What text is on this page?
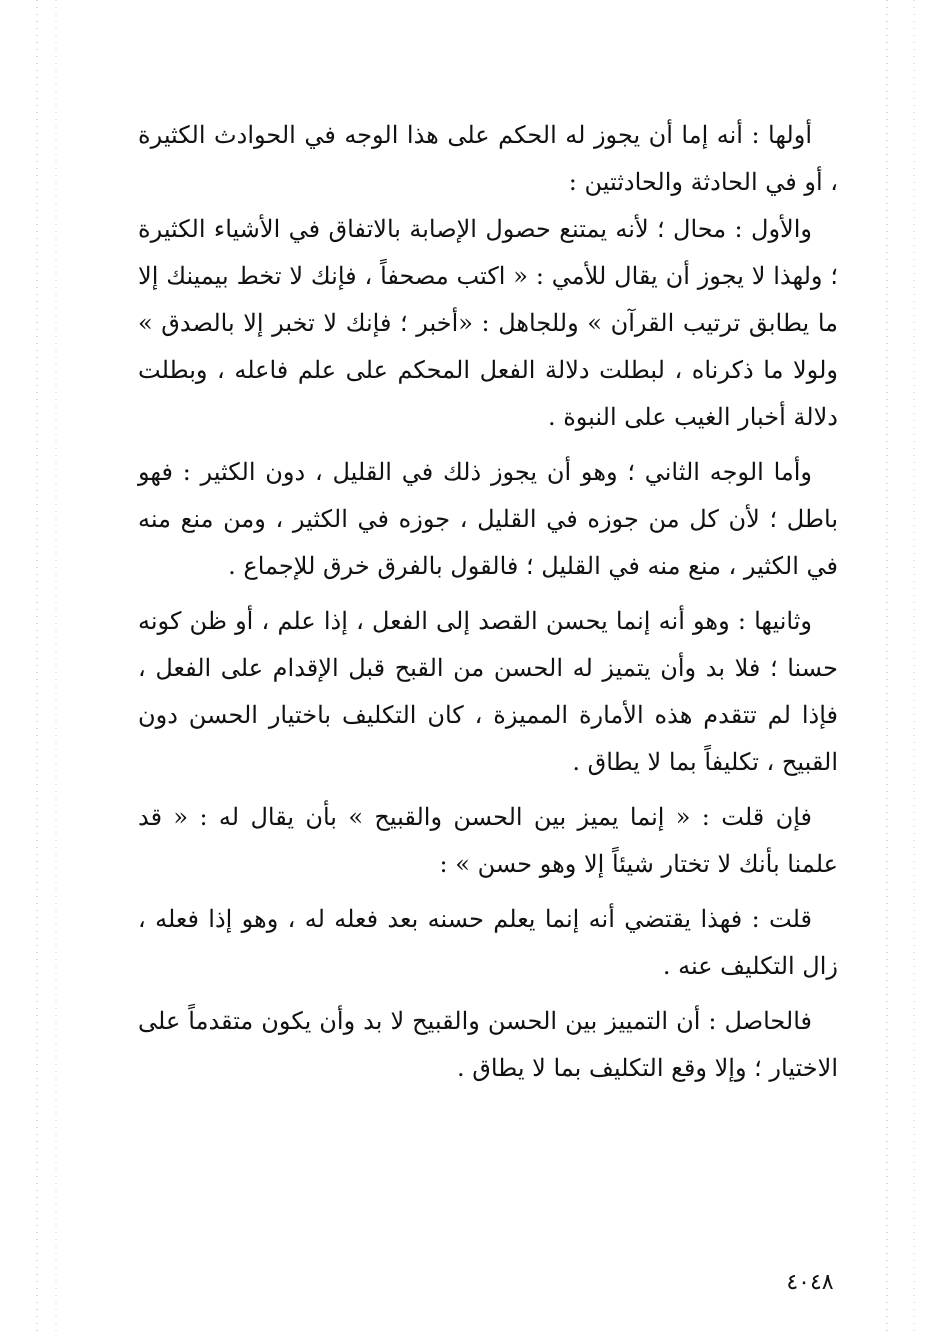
أولها : أنه إما أن يجوز له الحكم على هذا الوجه في الحوادث الكثيرة ، أو في الحادثة والحادثتين :

والأول : محال ؛ لأنه يمتنع حصول الإصابة بالاتفاق في الأشياء الكثيرة ؛ ولهذا لا يجوز أن يقال للأمي : « اكتب مصحفاً ، فإنك لا تخط بيمينك إلا ما يطابق ترتيب القرآن » وللجاهل : «أخبر ؛ فإنك لا تخبر إلا بالصدق » ولولا ما ذكرناه ، لبطلت دلالة الفعل المحكم على علم فاعله ، وبطلت دلالة أخبار الغيب على النبوة .

وأما الوجه الثاني ؛ وهو أن يجوز ذلك في القليل ، دون الكثير : فهو باطل ؛ لأن كل من جوزه في القليل ، جوزه في الكثير ، ومن منع منه في الكثير ، منع منه في القليل ؛ فالقول بالفرق خرق للإجماع .

وثانيها : وهو أنه إنما يحسن القصد إلى الفعل ، إذا علم ، أو ظن كونه حسنا ؛ فلا بد وأن يتميز له الحسن من القبح قبل الإقدام على الفعل ، فإذا لم تتقدم هذه الأمارة المميزة ، كان التكليف باختيار الحسن دون القبيح ، تكليفاً بما لا يطاق .

فإن قلت : « إنما يميز بين الحسن والقبيح » بأن يقال له : « قد علمنا بأنك لا تختار شيئاً إلا وهو حسن » :

قلت : فهذا يقتضي أنه إنما يعلم حسنه بعد فعله له ، وهو إذا فعله ، زال التكليف عنه .

فالحاصل : أن التمييز بين الحسن والقبيح لا بد وأن يكون متقدماً على الاختيار ؛ وإلا وقع التكليف بما لا يطاق .

٤٠٤٨
